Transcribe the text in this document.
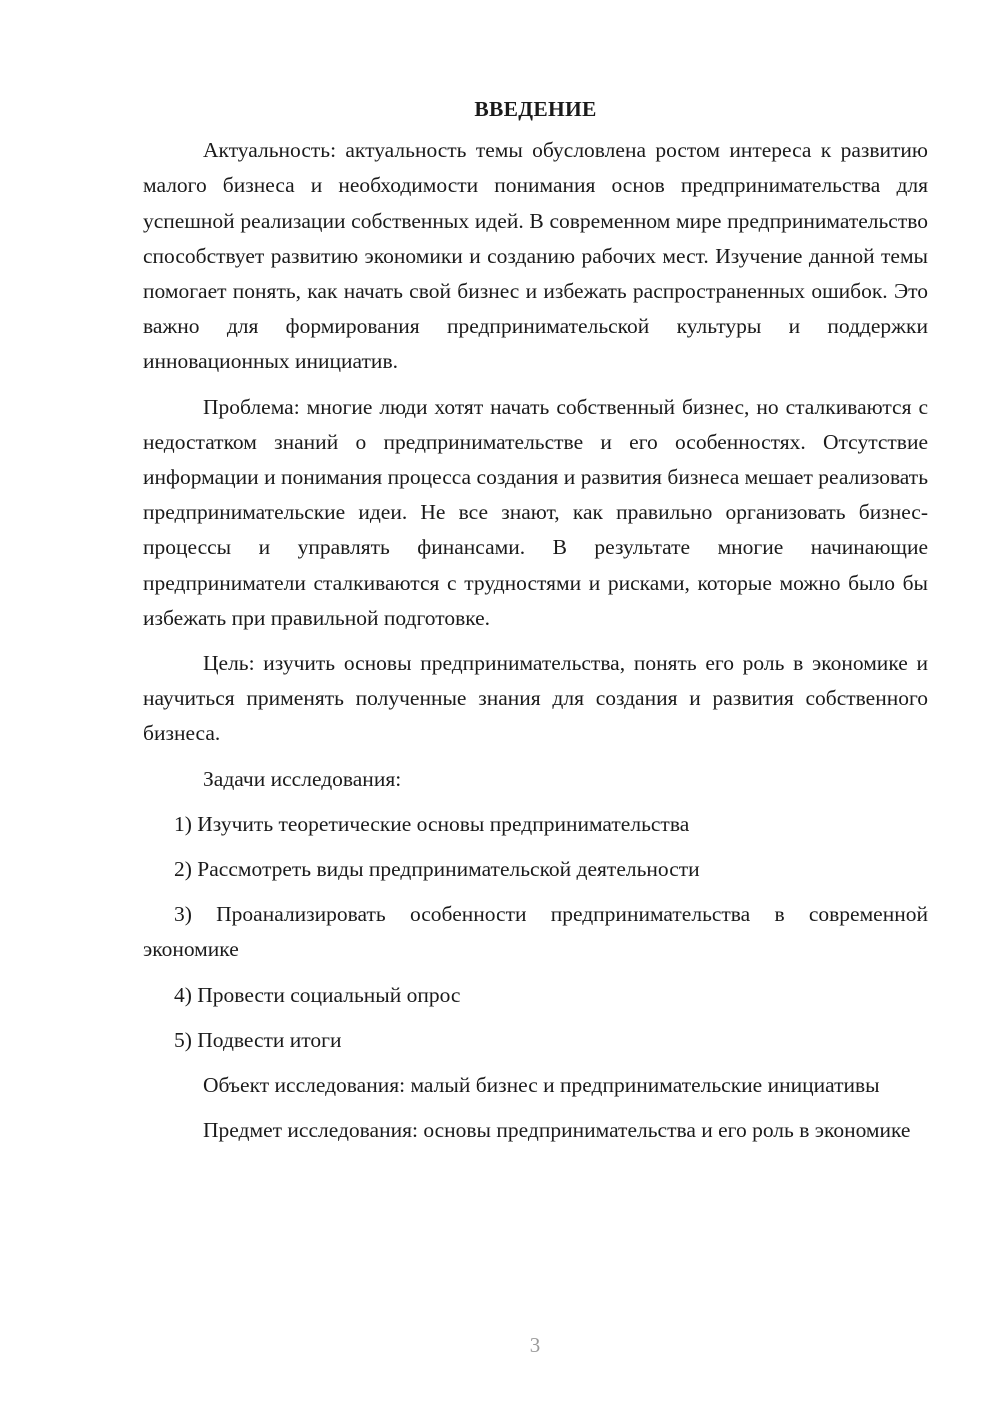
ВВЕДЕНИЕ

Актуальность: актуальность темы обусловлена ростом интереса к развитию малого бизнеса и необходимости понимания основ предпринимательства для успешной реализации собственных идей. В современном мире предпринимательство способствует развитию экономики и созданию рабочих мест. Изучение данной темы помогает понять, как начать свой бизнес и избежать распространенных ошибок. Это важно для формирования предпринимательской культуры и поддержки инновационных инициатив.

Проблема: многие люди хотят начать собственный бизнес, но сталкиваются с недостатком знаний о предпринимательстве и его особенностях. Отсутствие информации и понимания процесса создания и развития бизнеса мешает реализовать предпринимательские идеи. Не все знают, как правильно организовать бизнес-процессы и управлять финансами. В результате многие начинающие предприниматели сталкиваются с трудностями и рисками, которые можно было бы избежать при правильной подготовке.

Цель: изучить основы предпринимательства, понять его роль в экономике и научиться применять полученные знания для создания и развития собственного бизнеса.

Задачи исследования:

1) Изучить теоретические основы предпринимательства

2) Рассмотреть виды предпринимательской деятельности

3) Проанализировать особенности предпринимательства в современной экономике

4) Провести социальный опрос

5) Подвести итоги

Объект исследования: малый бизнес и предпринимательские инициативы

Предмет исследования: основы предпринимательства и его роль в экономике

3
